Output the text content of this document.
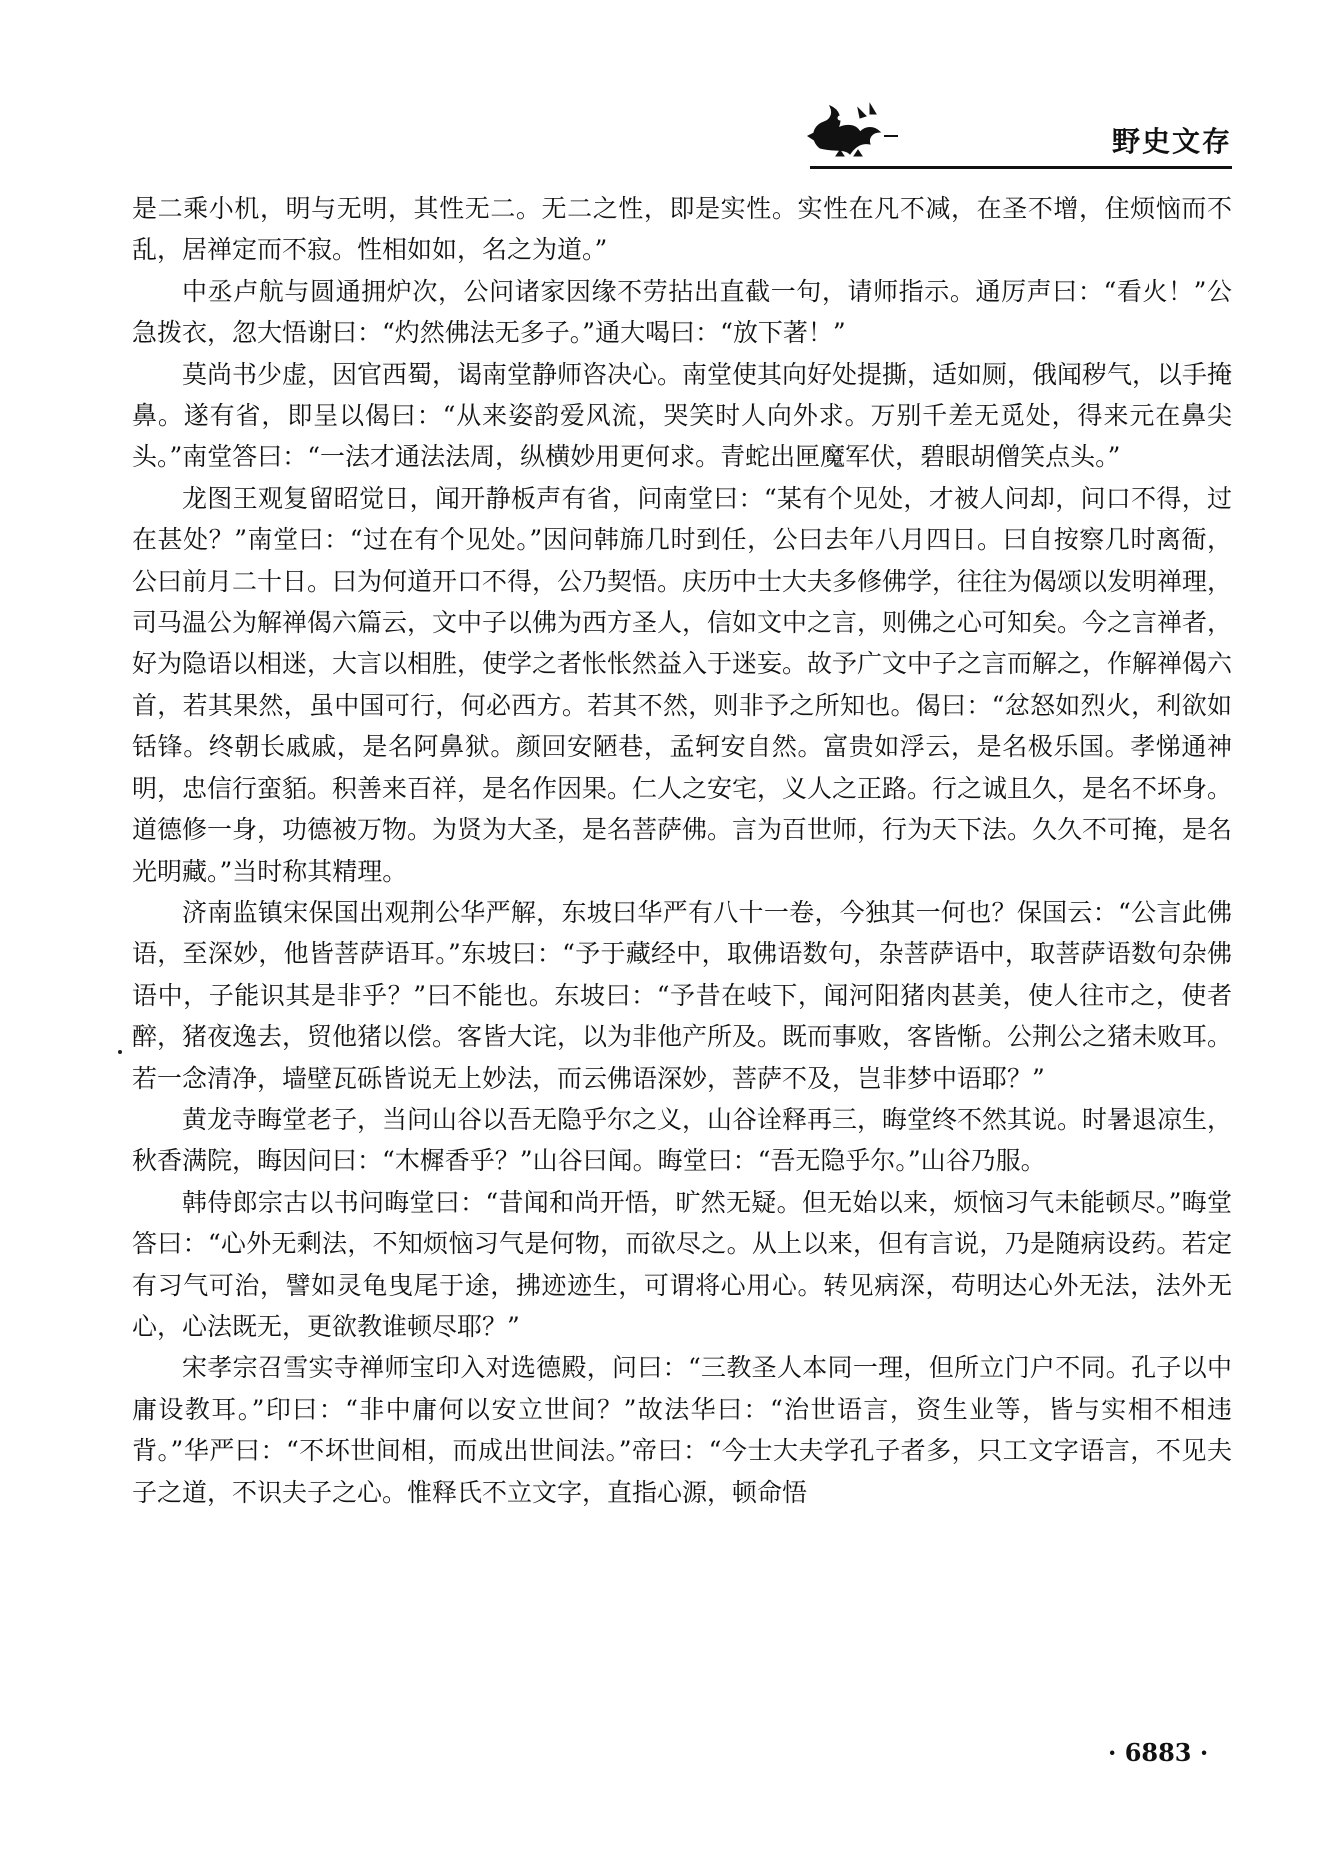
野史文存

是二乘小机，明与无明，其性无二。无二之性，即是实性。实性在凡不减，在圣不增，住烦恼而不乱，居禅定而不寂。性相如如，名之为道。”

中丞卢航与圆通拥炉次，公问诸家因缘不劳拈出直截一句，请师指示。通厉声曰：“看火！”公急拨衣，忽大悟谢曰：“灼然佛法无多子。”通大喝曰：“放下著！”

莫尚书少虚，因官西蜀，谒南堂静师咨决心。南堂使其向好处提撕，适如厕，俄闻秽气，以手掩鼻。遂有省，即呈以偈曰：“从来姿韵爱风流，哭笑时人向外求。万别千差无觅处，得来元在鼻尖头。”南堂答曰：“一法才通法法周，纵横妙用更何求。青蛇出匣魔军伏，碧眼胡僧笑点头。”

龙图王观复留昭觉日，闻开静板声有省，问南堂曰：“某有个见处，才被人问却，问口不得，过在甚处？”南堂曰：“过在有个见处。”因问韩旆几时到任，公曰去年八月四日。曰自按察几时离衙，公曰前月二十日。曰为何道开口不得，公乃契悟。庆历中士大夫多修佛学，往往为偈颂以发明禅理，司马温公为解禅偈六篇云，文中子以佛为西方圣人，信如文中之言，则佛之心可知矣。今之言禅者，好为隐语以相迷，大言以相胜，使学之者怅怅然益入于迷妄。故予广文中子之言而解之，作解禅偈六首，若其果然，虽中国可行，何必西方。若其不然，则非予之所知也。偈曰：“忿怒如烈火，利欲如铦锋。终朝长戚戚，是名阿鼻狱。颜回安陋巷，孟轲安自然。富贵如浮云，是名极乐国。孝悌通神明，忠信行蛮貊。积善来百祥，是名作因果。仁人之安宅，义人之正路。行之诚且久，是名不坏身。道德修一身，功德被万物。为贤为大圣，是名菩萨佛。言为百世师，行为天下法。久久不可掩，是名光明藏。”当时称其精理。

济南监镇宋保国出观荆公华严解，东坡曰华严有八十一卷，今独其一何也？保国云：“公言此佛语，至深妙，他皆菩萨语耳。”东坡曰：“予于藏经中，取佛语数句，杂菩萨语中，取菩萨语数句杂佛语中，子能识其是非乎？”曰不能也。东坡曰：“予昔在岐下，闻河阳猪肉甚美，使人往市之，使者醉，猪夜逸去，贸他猪以偿。客皆大诧，以为非他产所及。既而事败，客皆惭。公荆公之猪未败耳。若一念清净，墙壁瓦砾皆说无上妙法，而云佛语深妙，菩萨不及，岂非梦中语耶？”

黄龙寺晦堂老子，当问山谷以吾无隐乎尔之义，山谷诠释再三，晦堂终不然其说。时暑退凉生，秋香满院，晦因问曰：“木樨香乎？”山谷曰闻。晦堂曰：“吾无隐乎尔。”山谷乃服。

韩侍郎宗古以书问晦堂曰：“昔闻和尚开悟，旷然无疑。但无始以来，烦恼习气未能顿尽。”晦堂答曰：“心外无剩法，不知烦恼习气是何物，而欲尽之。从上以来，但有言说，乃是随病设药。若定有习气可治，譬如灵龟曳尾于途，拂迹迹生，可谓将心用心。转见病深，苟明达心外无法，法外无心，心法既无，更欲教谁顿尽耶？”

宋孝宗召雪实寺禅师宝印入对选德殿，问曰：“三教圣人本同一理，但所立门户不同。孔子以中庸设教耳。”印曰：“非中庸何以安立世间？”故法华曰：“治世语言，资生业等，皆与实相不相违背。”华严曰：“不坏世间相，而成出世间法。”帝曰：“今士大夫学孔子者多，只工文字语言，不见夫子之道，不识夫子之心。惟释氏不立文字，直指心源，顿命悟

· 6883 ·
